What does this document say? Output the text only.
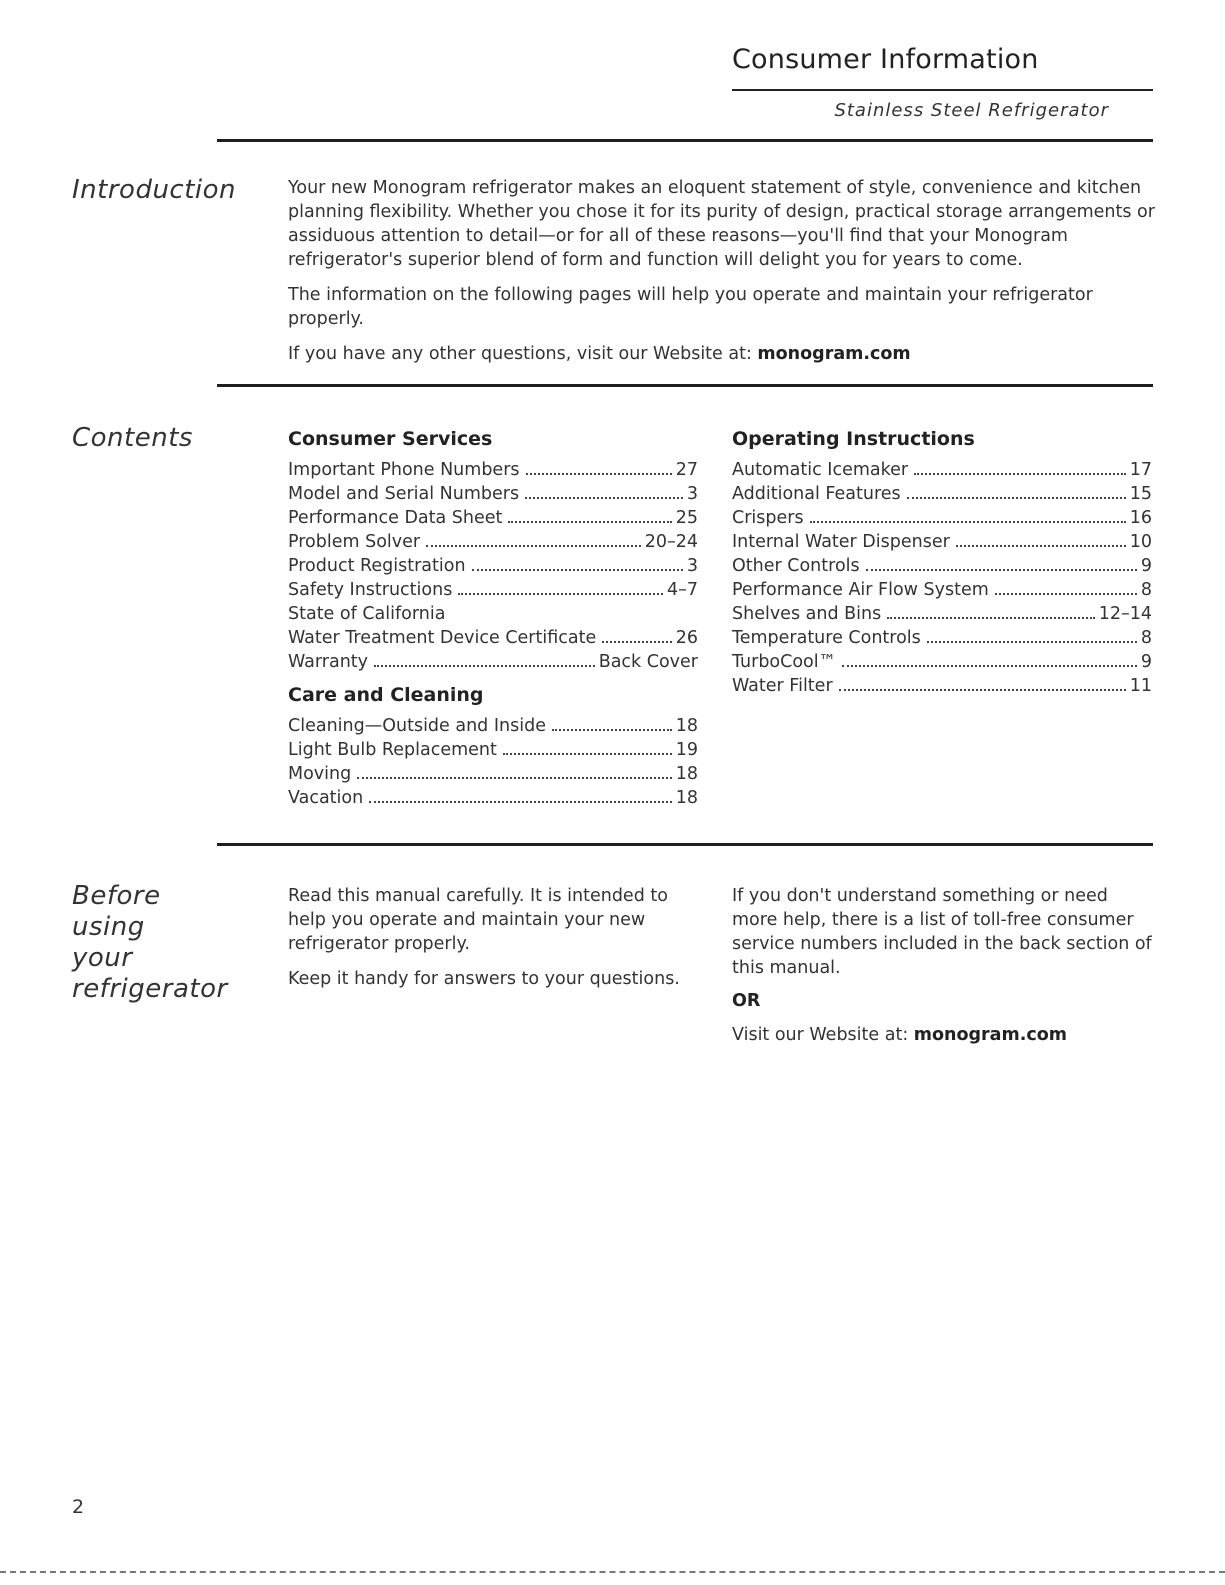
Consumer Information
Stainless Steel Refrigerator
Introduction	Your new Monogram refrigerator makes an eloquent statement of style, convenience and kitchen planning flexibility. Whether you chose it for its purity of design, practical storage arrangements or assiduous attention to detail—or for all of these reasons—you'll find that your Monogram refrigerator's superior blend of form and function will delight you for years to come.

The information on the following pages will help you operate and maintain your refrigerator properly.

If you have any other questions, visit our Website at: monogram.com

Contents	Consumer Services
Important Phone Numbers	27
Model and Serial Numbers	3
Performance Data Sheet	25
Problem Solver	20–24
Product Registration	3
Safety Instructions	4–7
State of California
Water Treatment Device Certificate	26
Warranty	Back Cover
Care and Cleaning
Cleaning—Outside and Inside	18
Light Bulb Replacement	19
Moving	18
Vacation	18
Operating Instructions
Automatic Icemaker	17
Additional Features	15
Crispers	16
Internal Water Dispenser	10
Other Controls	9
Performance Air Flow System	8
Shelves and Bins	12–14
Temperature Controls	8
TurboCool™	9
Water Filter	11
Before
using
your
refrigerator

Read this manual carefully. It is intended to help you operate and maintain your new refrigerator properly.

Keep it handy for answers to your questions.

If you don't understand something or need more help, there is a list of toll-free consumer service numbers included in the back section of this manual.

OR

Visit our Website at: monogram.com

2
